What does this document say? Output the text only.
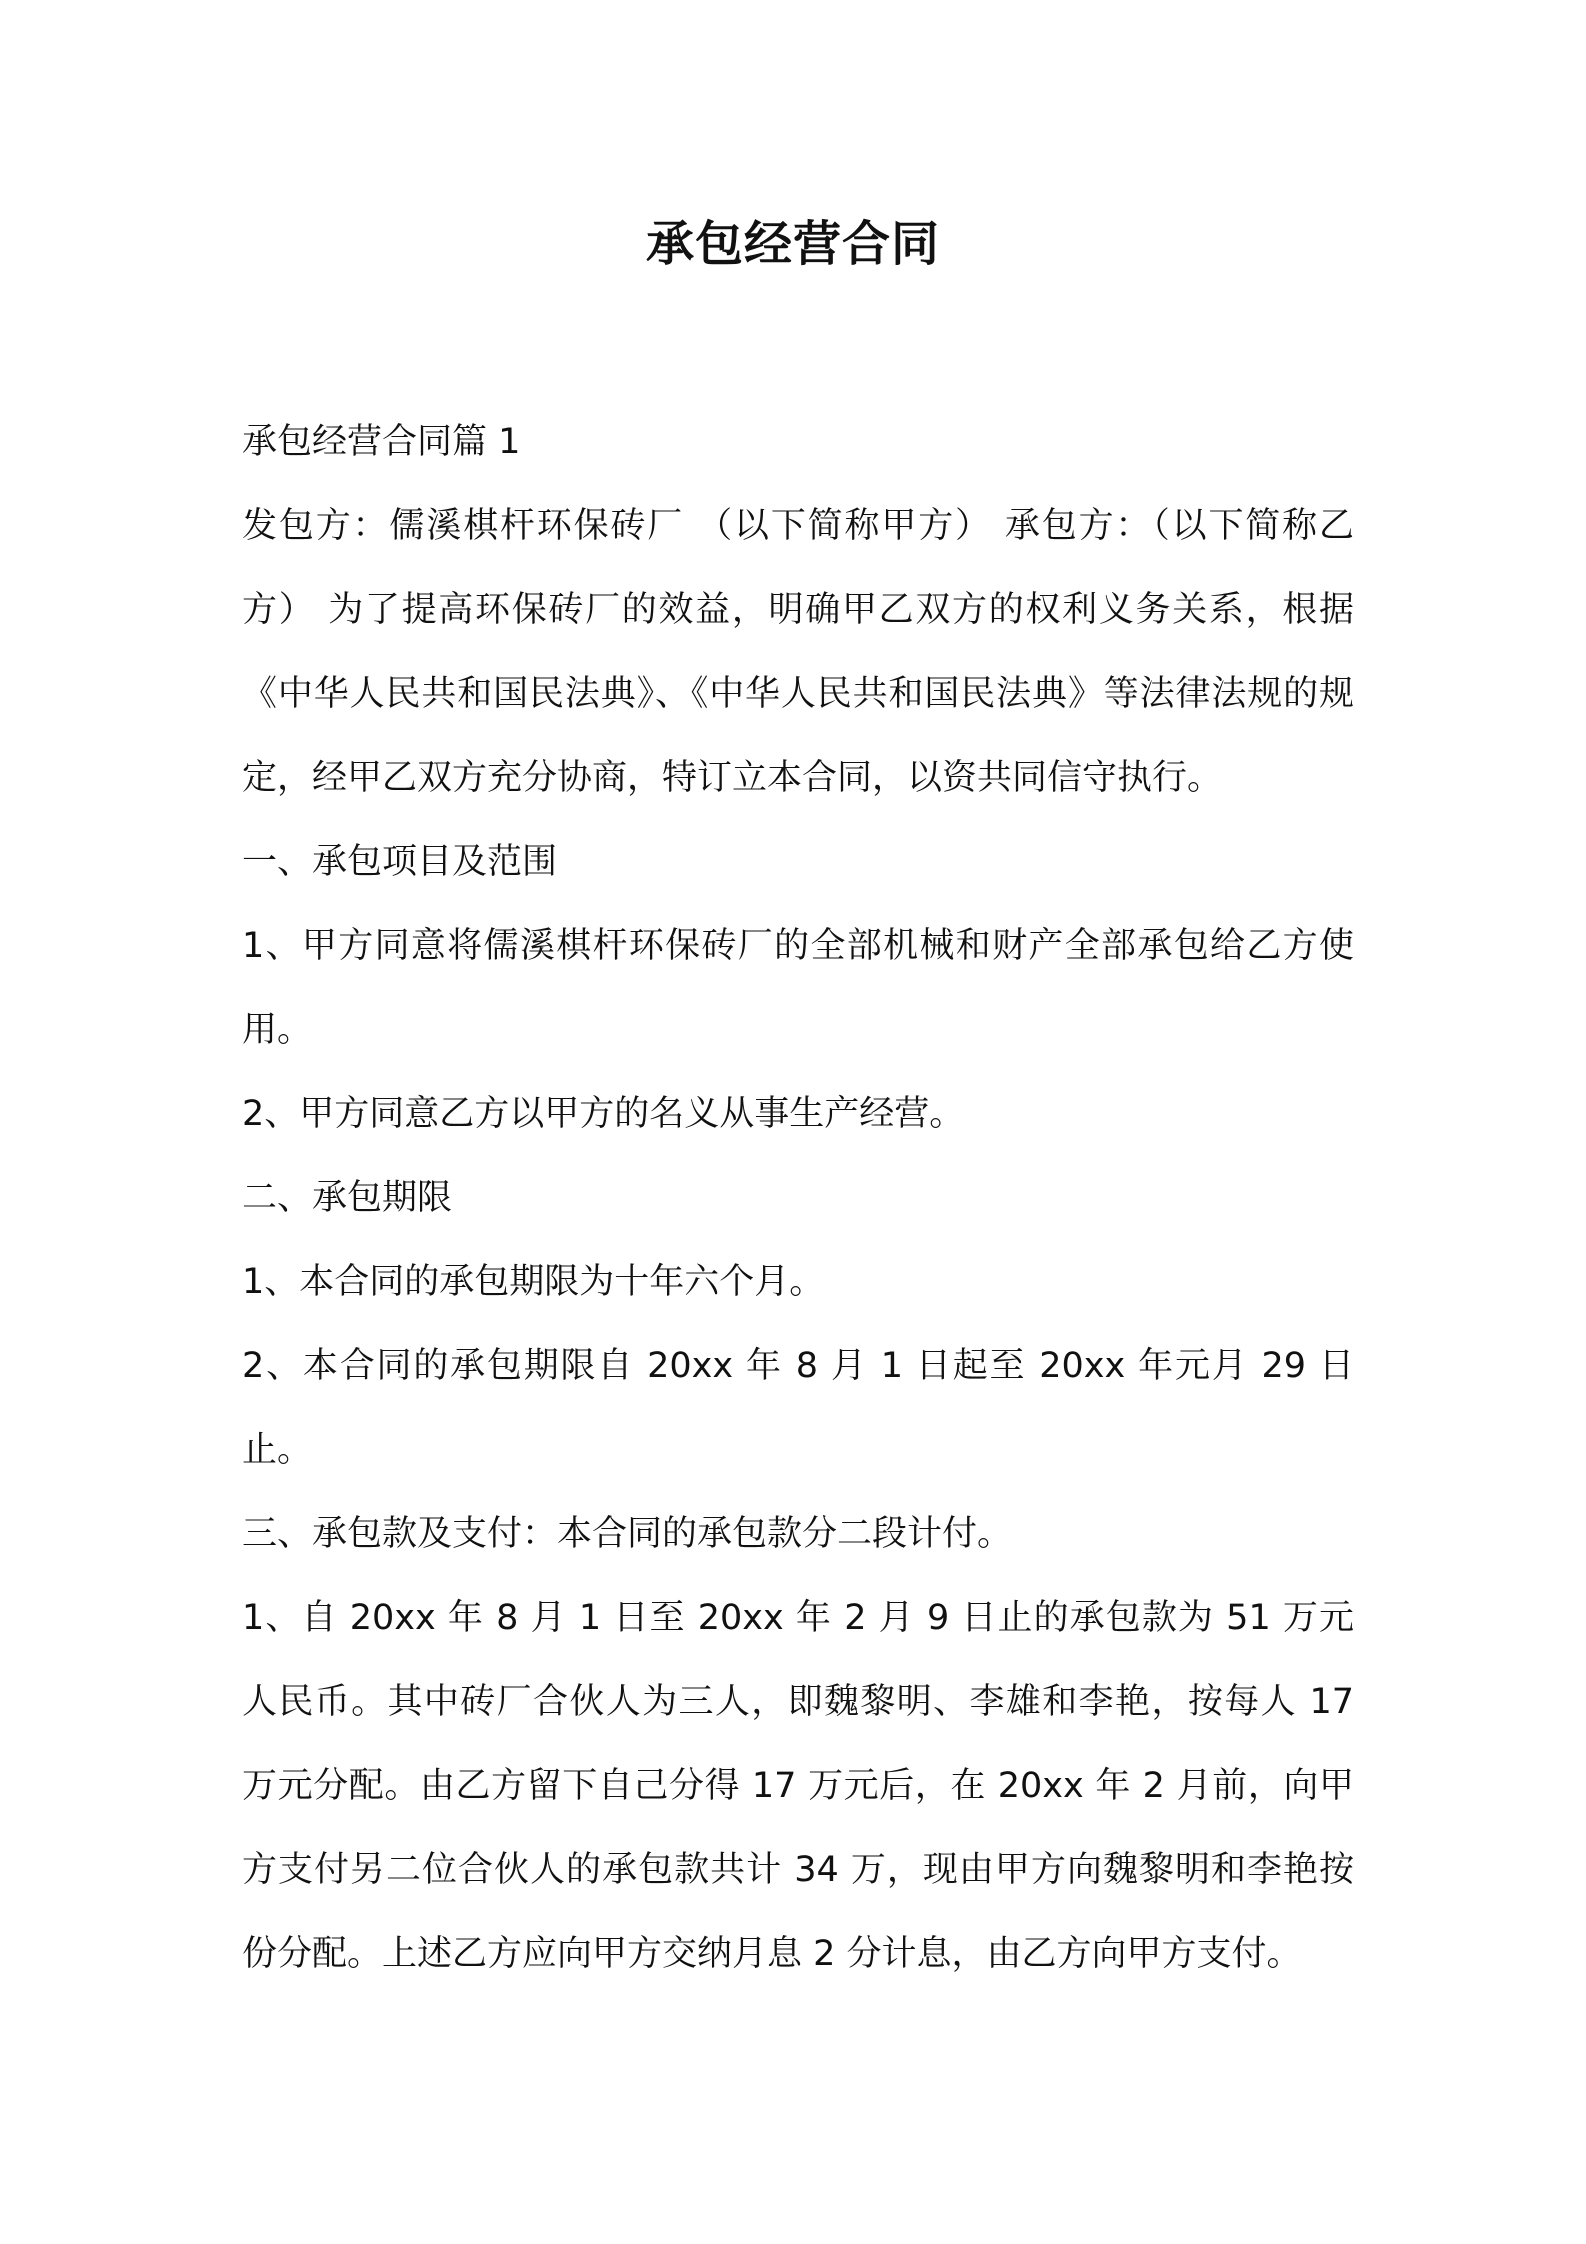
承包经营合同

承包经营合同篇 1

发包方：儒溪棋杆环保砖厂 （以下简称甲方） 承包方：（以下简称乙方） 为了提高环保砖厂的效益，明确甲乙双方的权利义务关系，根据《中华人民共和国民法典》、《中华人民共和国民法典》等法律法规的规定，经甲乙双方充分协商，特订立本合同，以资共同信守执行。

一、承包项目及范围

1、甲方同意将儒溪棋杆环保砖厂的全部机械和财产全部承包给乙方使用。

2、甲方同意乙方以甲方的名义从事生产经营。

二、承包期限

1、本合同的承包期限为十年六个月。

2、本合同的承包期限自 20xx 年 8 月 1 日起至 20xx 年元月 29 日止。

三、承包款及支付：本合同的承包款分二段计付。

1、自 20xx 年 8 月 1 日至 20xx 年 2 月 9 日止的承包款为 51 万元人民币。其中砖厂合伙人为三人，即魏黎明、李雄和李艳，按每人 17 万元分配。由乙方留下自己分得 17 万元后，在 20xx 年 2 月前，向甲方支付另二位合伙人的承包款共计 34 万，现由甲方向魏黎明和李艳按份分配。上述乙方应向甲方交纳月息 2 分计息，由乙方向甲方支付。
